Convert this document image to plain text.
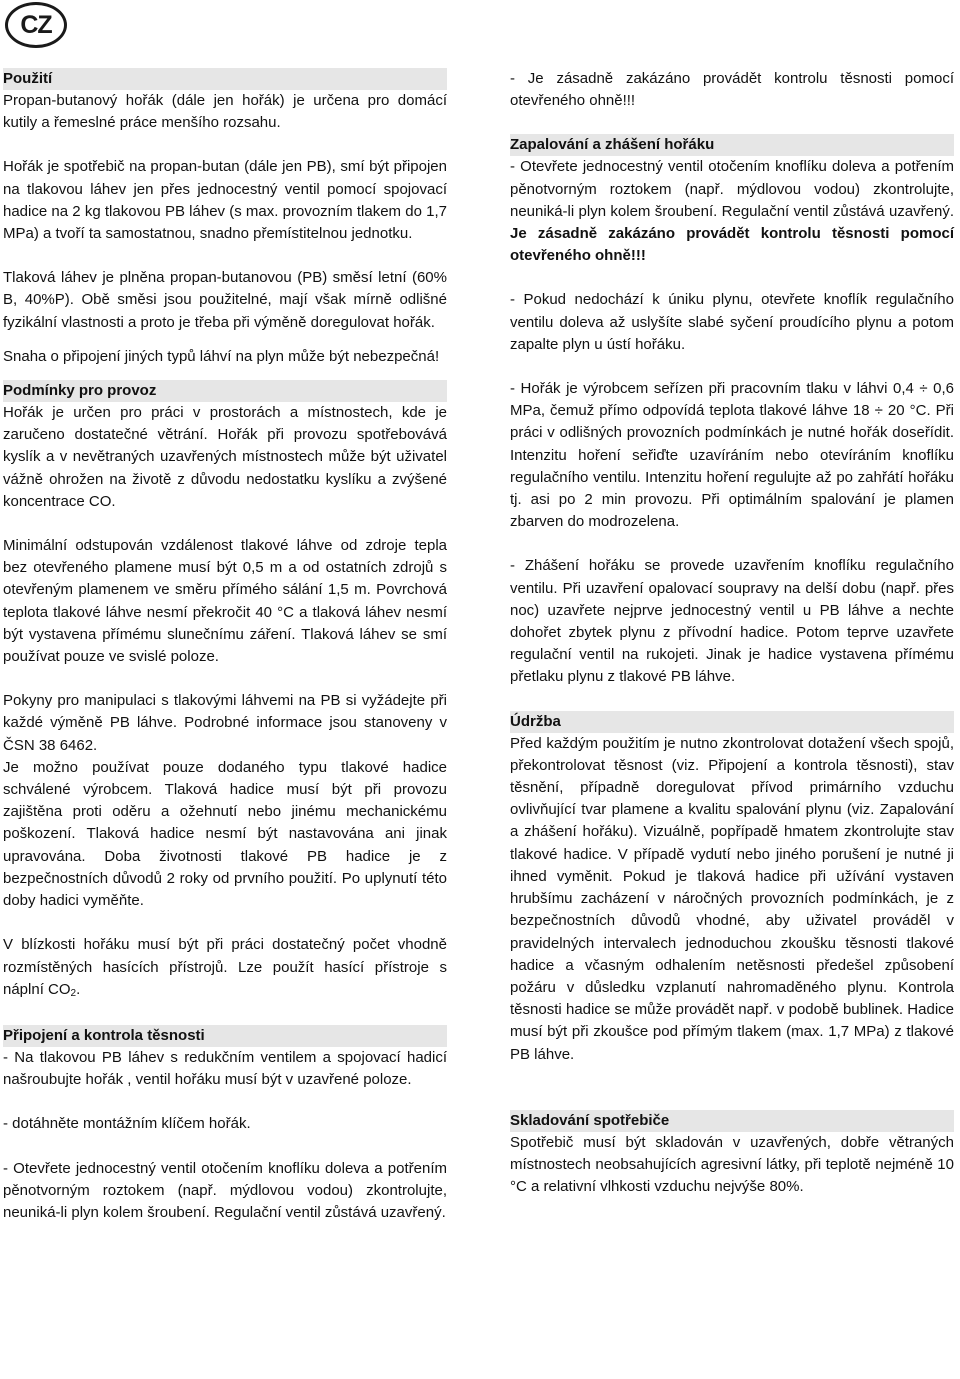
CZ
Použití

Propan-butanový hořák (dále jen hořák) je určena pro domácí kutily a řemeslné práce menšího rozsahu.

Hořák je spotřebič na propan-butan (dále jen PB), smí být připojen na tlakovou láhev jen přes jednocestný ventil pomocí spojovací hadice na 2 kg tlakovou PB láhev (s max. provozním tlakem do 1,7 MPa) a tvoří ta samostatnou, snadno přemístitelnou jednotku.

Tlaková láhev je plněna propan-butanovou (PB) směsí letní (60% B, 40%P). Obě směsi jsou použitelné, mají však mírně odlišné fyzikální vlastnosti a proto je třeba při výměně doregulovat hořák.

Snaha o připojení jiných typů láhví na plyn může být nebezpečná!

Podmínky pro provoz

Hořák je určen pro práci v prostorách a místnostech, kde je zaručeno dostatečné větrání. Hořák při provozu spotřebovává kyslík a v nevětraných uzavřených místnostech může být uživatel vážně ohrožen na životě z důvodu nedostatku kyslíku a zvýšené koncentrace CO.

Minimální odstupován vzdálenost tlakové láhve od zdroje tepla bez otevřeného plamene musí být 0,5 m a od ostatních zdrojů s otevřeným plamenem ve směru přímého sálání 1,5 m. Povrchová teplota tlakové láhve nesmí překročit 40 °C a tlaková láhev nesmí být vystavena přímému slunečnímu záření. Tlaková láhev se smí používat pouze ve svislé poloze.

Pokyny pro manipulaci s tlakovými láhvemi na PB si vyžádejte při každé výměně PB láhve. Podrobné informace jsou stanoveny v ČSN 38 6462.

Je možno používat pouze dodaného typu tlakové hadice schválené výrobcem. Tlaková hadice musí být při provozu zajištěna proti oděru a ožehnutí nebo jinému mechanickému poškození. Tlaková hadice nesmí být nastavována ani jinak upravována. Doba životnosti tlakové PB hadice je z bezpečnostních důvodů 2 roky od prvního použití. Po uplynutí této doby hadici vyměňte.

V blízkosti hořáku musí být při práci dostatečný počet vhodně rozmístěných hasících přístrojů. Lze použít hasící přístroje s náplní CO2.

Připojení a kontrola těsnosti

- Na tlakovou PB láhev s redukčním ventilem a spojovací hadicí našroubujte hořák , ventil hořáku musí být v uzavřené poloze.

- dotáhněte montážním klíčem hořák.

- Otevřete jednocestný ventil otočením knoflíku doleva a potřením pěnotvorným roztokem (např. mýdlovou vodou) zkontrolujte, neuniká-li plyn kolem šroubení. Regulační ventil zůstává uzavřený.

- Je zásadně zakázáno provádět kontrolu těsnosti pomocí otevřeného ohně!!!

Zapalování a zhášení hořáku

- Otevřete jednocestný ventil otočením knoflíku doleva a potřením pěnotvorným roztokem (např. mýdlovou vodou) zkontrolujte, neuniká-li plyn kolem šroubení. Regulační ventil zůstává uzavřený. Je zásadně zakázáno provádět kontrolu těsnosti pomocí otevřeného ohně!!!

- Pokud nedochází k úniku plynu, otevřete knoflík regulačního ventilu doleva až uslyšíte slabé syčení proudícího plynu a potom zapalte plyn u ústí hořáku.

- Hořák je výrobcem seřízen při pracovním tlaku v láhvi 0,4 ÷ 0,6 MPa, čemuž přímo odpovídá teplota tlakové láhve 18 ÷ 20 °C. Při práci v odlišných provozních podmínkách je nutné hořák doseřídit. Intenzitu hoření seřiďte uzavíráním nebo otevíráním knoflíku regulačního ventilu. Intenzitu hoření regulujte až po zahřátí hořáku tj. asi po 2 min provozu. Při optimálním spalování je plamen zbarven do modrozelena.

- Zhášení hořáku se provede uzavřením knoflíku regulačního ventilu. Při uzavření opalovací soupravy na delší dobu (např. přes noc) uzavřete nejprve jednocestný ventil u PB láhve a nechte dohořet zbytek plynu z přívodní hadice. Potom teprve uzavřete regulační ventil na rukojeti. Jinak je hadice vystavena přímému přetlaku plynu z tlakové PB láhve.

Údržba

Před každým použitím je nutno zkontrolovat dotažení všech spojů, překontrolovat těsnost (viz. Připojení a kontrola těsnosti), stav těsnění, případně doregulovat přívod primárního vzduchu ovlivňující tvar plamene a kvalitu spalování plynu (viz. Zapalování a zhášení hořáku). Vizuálně, popřípadě hmatem zkontrolujte stav tlakové hadice. V případě vydutí nebo jiného porušení je nutné ji ihned vyměnit. Pokud je tlaková hadice při užívání vystaven hrubšímu zacházení v náročných provozních podmínkách, je z bezpečnostních důvodů vhodné, aby uživatel prováděl v pravidelných intervalech jednoduchou zkoušku těsnosti tlakové hadice a včasným odhalením netěsnosti předešel způsobení požáru v důsledku vzplanutí nahromaděného plynu. Kontrola těsnosti hadice se může provádět např. v podobě bublinek. Hadice musí být při zkoušce pod přímým tlakem (max. 1,7 MPa) z tlakové PB láhve.

Skladování spotřebiče

Spotřebič musí být skladován v uzavřených, dobře větraných místnostech neobsahujících agresivní látky, při teplotě nejméně 10 °C a relativní vlhkosti vzduchu nejvýše 80%.
